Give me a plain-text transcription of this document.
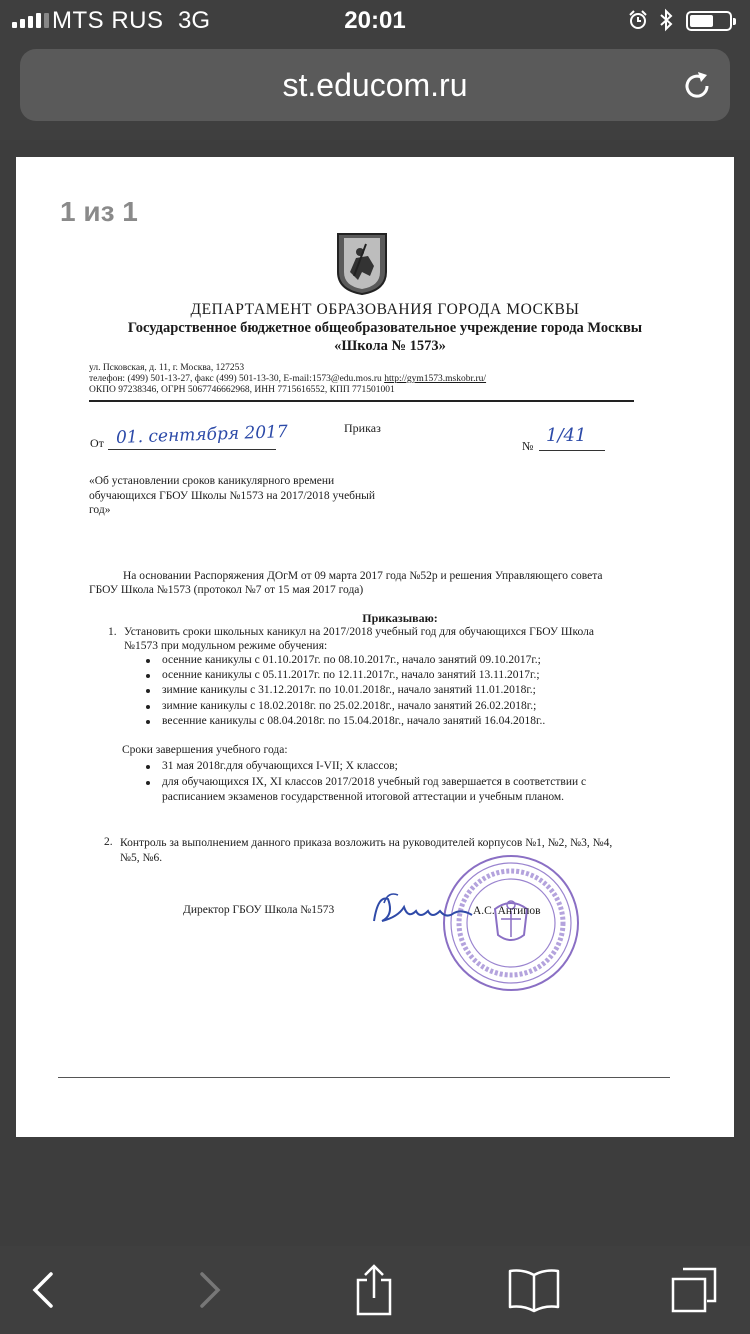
MTS RUS 3G	20:01
st.educom.ru
ДЕПАРТАМЕНТ ОБРАЗОВАНИЯ ГОРОДА МОСКВЫ
Государственное бюджетное общеобразовательное учреждение города Москвы
«Школа № 1573»
ул. Псковская, д. 11, г. Москва, 127253
телефон: (499) 501-13-27, факс (499) 501-13-30, E-mail:1573@edu.mos.ru http://gym1573.mskobr.ru/
ОКПО 97238346, ОГРН 5067746662968, ИНН 7715616552, КПП 771501001
От 01. сентября 2017	Приказ
№ 1/41
«Об установлении сроков каникулярного времени обучающихся ГБОУ Школы №1573 на 2017/2018 учебный год»
На основании Распоряжения ДОгМ от 09 марта 2017 года №52р и решения Управляющего совета ГБОУ Школа №1573 (протокол №7 от 15 мая 2017 года)
Приказываю:
1. Установить сроки школьных каникул на 2017/2018 учебный год для обучающихся ГБОУ Школа №1573 при модульном режиме обучения:
осенние каникулы с 01.10.2017г. по 08.10.2017г., начало занятий 09.10.2017г.;
осенние каникулы с 05.11.2017г. по 12.11.2017г., начало занятий 13.11.2017г.;
зимние каникулы с 31.12.2017г. по 10.01.2018г., начало занятий 11.01.2018г.;
зимние каникулы с 18.02.2018г. по 25.02.2018г., начало занятий 26.02.2018г.;
весенние каникулы с 08.04.2018г. по 15.04.2018г., начало занятий 16.04.2018г..
Сроки завершения учебного года:
31 мая 2018г.для обучающихся I-VII; X классов;
для обучающихся IX, XI классов 2017/2018 учебный год завершается в соответствии с расписанием экзаменов государственной итоговой аттестации и учебным планом.
2. Контроль за выполнением данного приказа возложить на руководителей корпусов №1, №2, №3, №4, №5, №6.
Директор ГБОУ Школа №1573	А.С. Антипов
1 из 1
